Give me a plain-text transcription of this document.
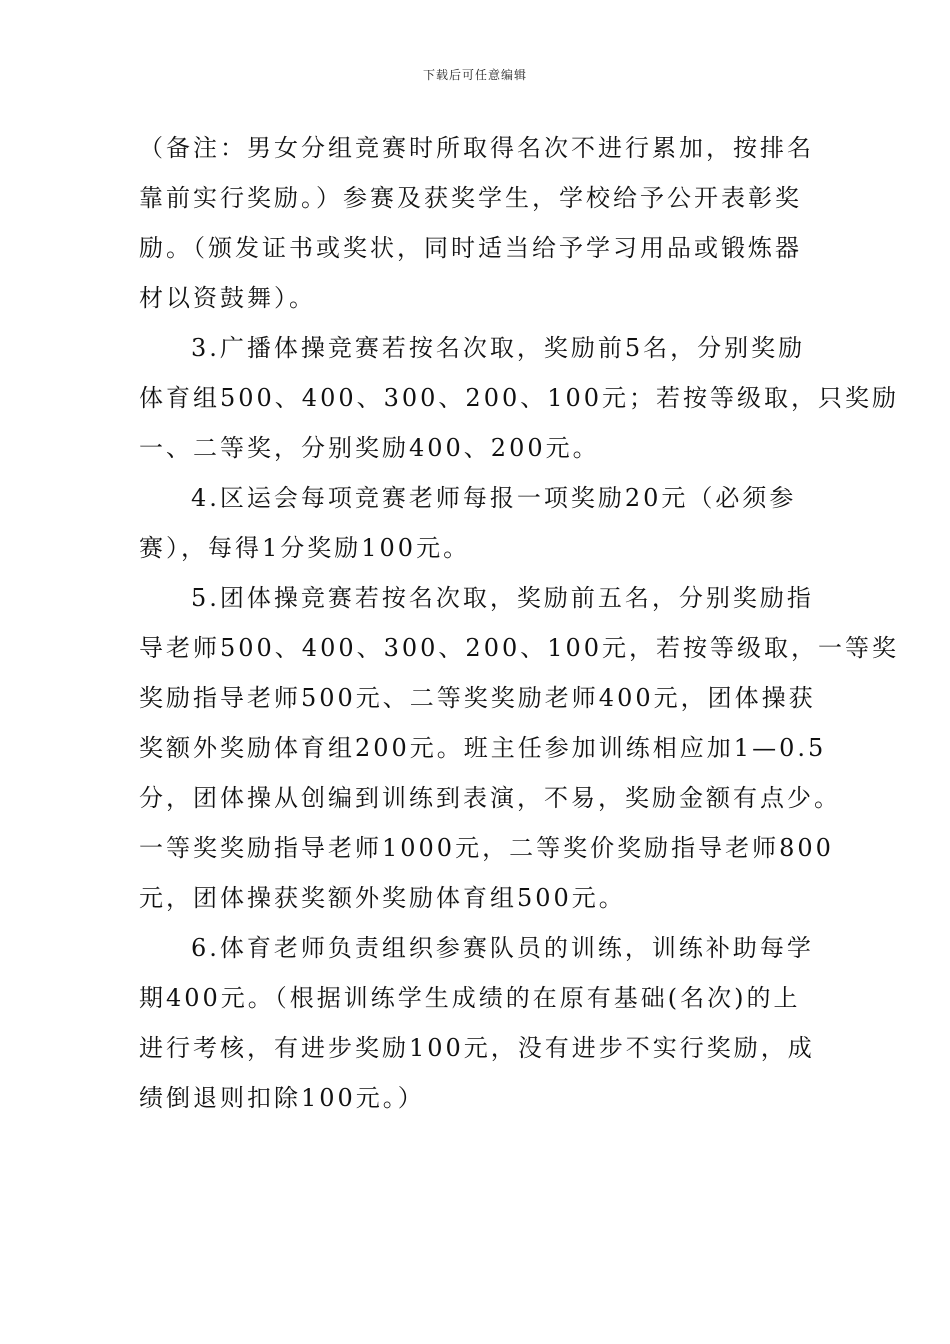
下载后可任意编辑
（备注：男女分组竞赛时所取得名次不进行累加，按排名
靠前实行奖励。）参赛及获奖学生，学校给予公开表彰奖
励。（颁发证书或奖状，同时适当给予学习用品或锻炼器
材以资鼓舞）。
3.广播体操竞赛若按名次取，奖励前5名，分别奖励
体育组500、400、300、200、100元；若按等级取，只奖励
一、二等奖，分别奖励400、200元。
4.区运会每项竞赛老师每报一项奖励20元（必须参
赛），每得1分奖励100元。
5.团体操竞赛若按名次取，奖励前五名，分别奖励指
导老师500、400、300、200、100元，若按等级取，一等奖
奖励指导老师500元、二等奖奖励老师400元，团体操获
奖额外奖励体育组200元。班主任参加训练相应加1—0.5
分，团体操从创编到训练到表演，不易，奖励金额有点少。
一等奖奖励指导老师1000元，二等奖价奖励指导老师800
元，团体操获奖额外奖励体育组500元。
6.体育老师负责组织参赛队员的训练，训练补助每学
期400元。（根据训练学生成绩的在原有基础(名次)的上
进行考核，有进步奖励100元，没有进步不实行奖励，成
绩倒退则扣除100元。）
